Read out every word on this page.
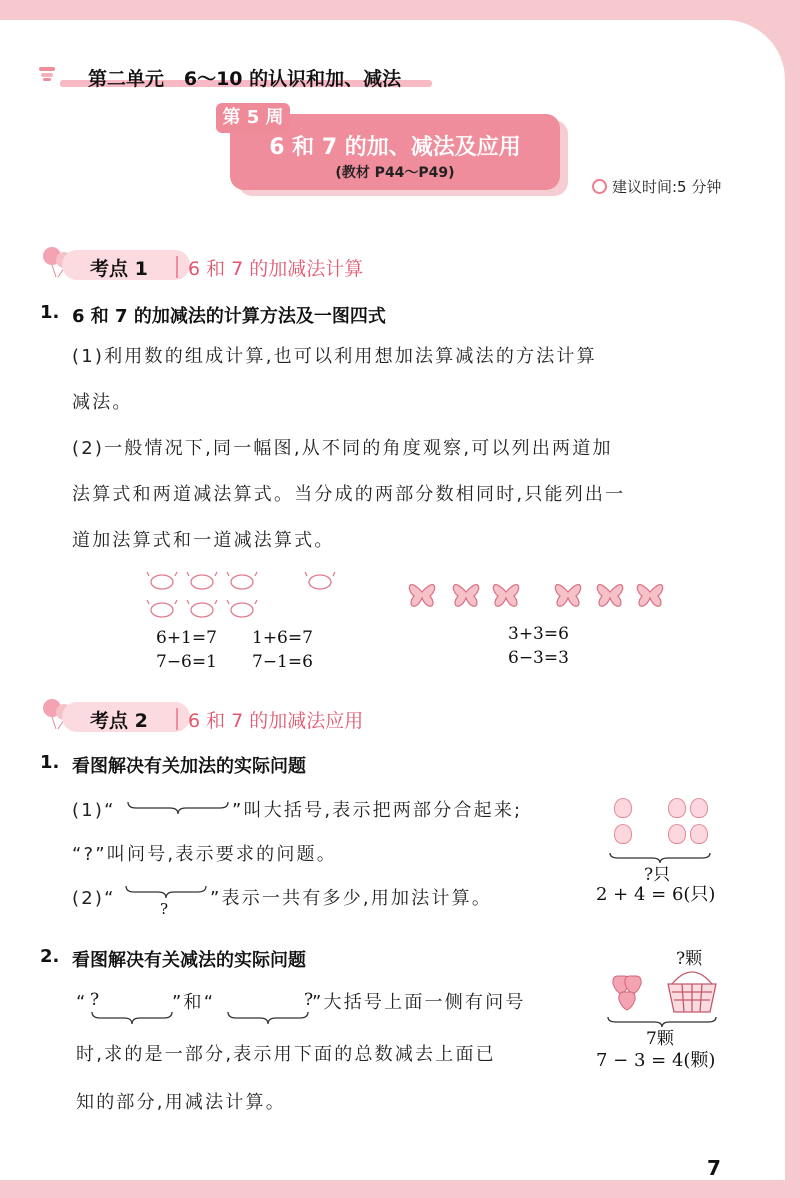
第二单元   6～10 的认识和加、减法
第 5 周
6 和 7 的加、减法及应用
(教材 P44～P49)
建议时间:5 分钟
考点 1 6 和 7 的加减法计算
1. 6 和 7 的加减法的计算方法及一图四式
(1)利用数的组成计算,也可以利用想加法算减法的方法计算
减法。
(2)一般情况下,同一幅图,从不同的角度观察,可以列出两道加
法算式和两道减法算式。当分成的两部分数相同时,只能列出一
道加法算式和一道减法算式。
6+1=7 1+6=7
7−6=1 7−1=6
3+3=6
6−3=3
考点 2 6 和 7 的加减法应用
1. 看图解决有关加法的实际问题
(1)“	”叫大括号,表示把两部分合起来;
“?”叫问号,表示要求的问题。
(2)“	? ”表示一共有多少,用加法计算。
?只
2 + 4 = 6(只)
2. 看图解决有关减法的实际问题
“ ?	”和“	?
”大括号上面一侧有问号
时,求的是一部分,表示用下面的总数减去上面已
知的部分,用减法计算。
?颗
7颗
7 − 3 = 4(颗)
7
